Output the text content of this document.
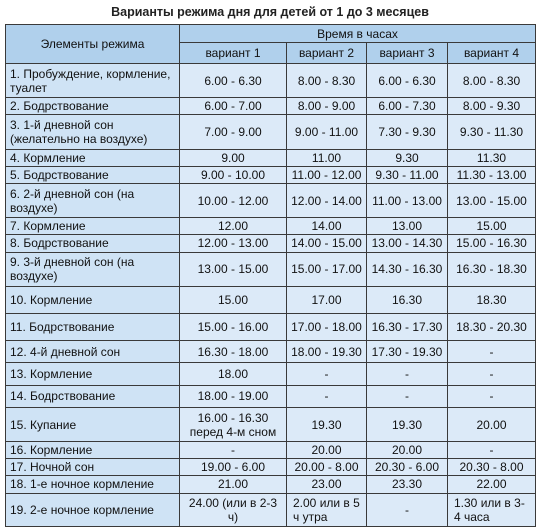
Варианты режима дня для детей от 1 до 3 месяцев
Элементы режима	Время в часах			
	вариант 1	вариант 2	вариант 3	вариант 4
1. Пробуждение, кормление, туалет	6.00 - 6.30	8.00 - 8.30	6.00 - 6.30	8.00 - 8.30
2. Бодрствование	6.00 - 7.00	8.00 - 9.00	6.00 - 7.30	8.00 - 9.30
3. 1-й дневной сон (желательно на воздухе)	7.00 - 9.00	9.00 - 11.00	7.30 - 9.30	9.30 - 11.30
4. Кормление	9.00	11.00	9.30	11.30
5. Бодрствование	9.00 - 10.00	11.00 - 12.00	9.30 - 11.00	11.30 - 13.00
6. 2-й дневной сон (на воздухе)	10.00 - 12.00	12.00 - 14.00	11.00 - 13.00	13.00 - 15.00
7. Кормление	12.00	14.00	13.00	15.00
8. Бодрствование	12.00 - 13.00	14.00 - 15.00	13.00 - 14.30	15.00 - 16.30
9. 3-й дневной сон (на воздухе)	13.00 - 15.00	15.00 - 17.00	14.30 - 16.30	16.30 - 18.30
10. Кормление	15.00	17.00	16.30	18.30
11. Бодрствование	15.00 - 16.00	17.00 - 18.00	16.30 - 17.30	18.30 - 20.30
12. 4-й дневной сон	16.30 - 18.00	18.00 - 19.30	17.30 - 19.30	-
13. Кормление	18.00	-	-	-
14. Бодрствование	18.00 - 19.00	-	-	-
15. Купание	16.00 - 16.30 перед 4-м сном	19.30	19.30	20.00
16. Кормление	-	20.00	20.00	-
17. Ночной сон	19.00 - 6.00	20.00 - 8.00	20.30 - 6.00	20.30 - 8.00
18. 1-е ночное кормление	21.00	23.00	23.30	22.00
19. 2-е ночное кормление	24.00 (или в 2-3 ч)	2.00 или в 5 ч утра	-	1.30 или в 3-4 часа
